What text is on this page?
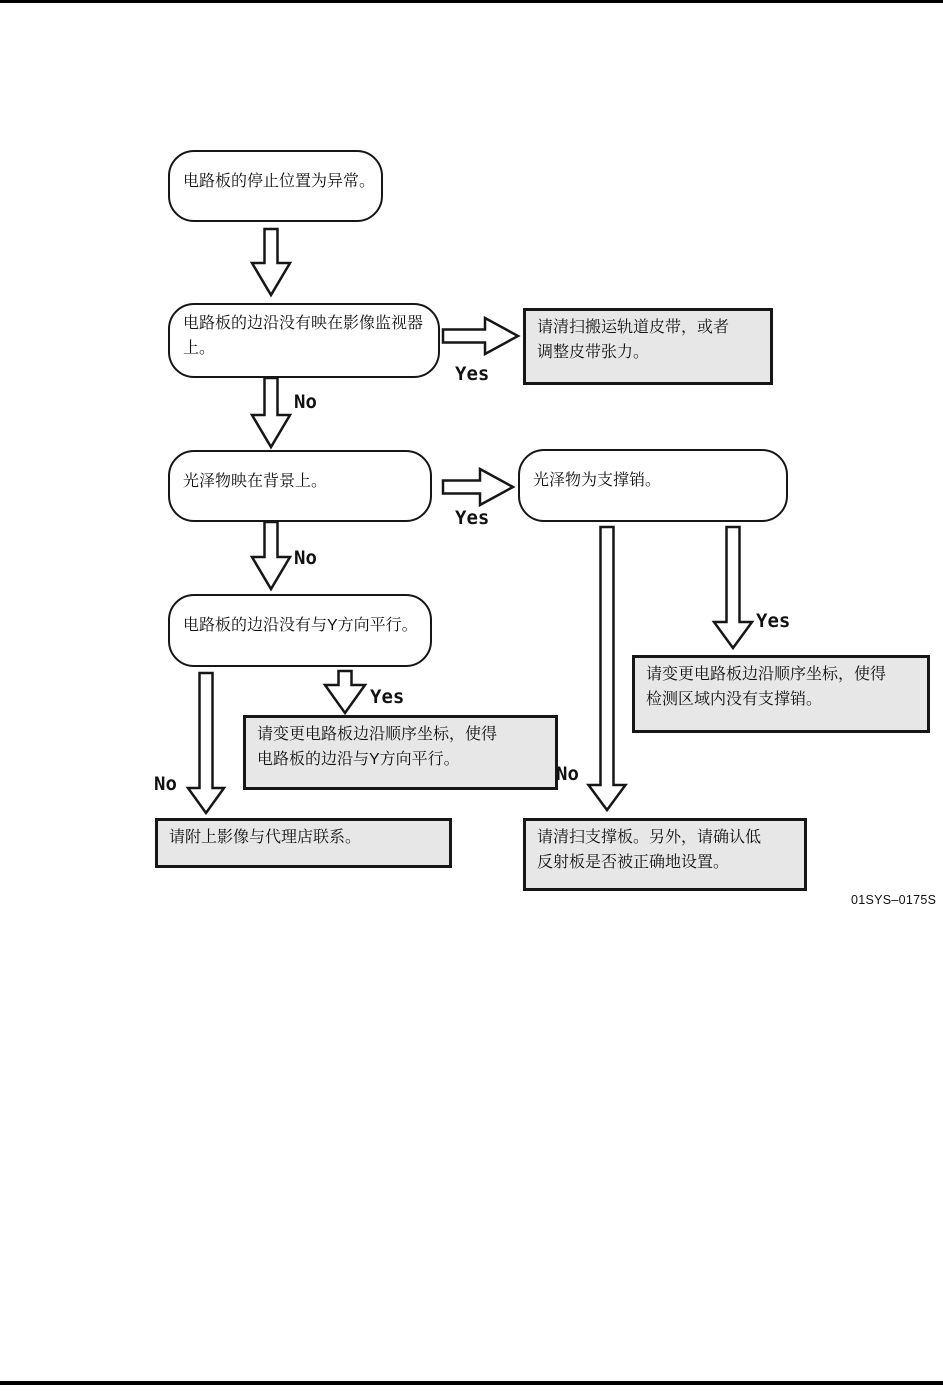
电路板的停止位置为异常。
电路板的边沿没有映在影像监视器
上。
光泽物映在背景上。	光泽物为支撑销。
电路板的边沿没有与Y方向平行。
请清扫搬运轨道皮带，或者
调整皮带张力。
请变更电路板边沿顺序坐标，使得
电路板的边沿与Y方向平行。
请附上影像与代理店联系。
请变更电路板边沿顺序坐标，使得
检测区域内没有支撑销。
请清扫支撑板。另外，请确认低
反射板是否被正确地设置。
Yes
No
Yes
No
Yes
No
Yes
No
01SYS–0175S
